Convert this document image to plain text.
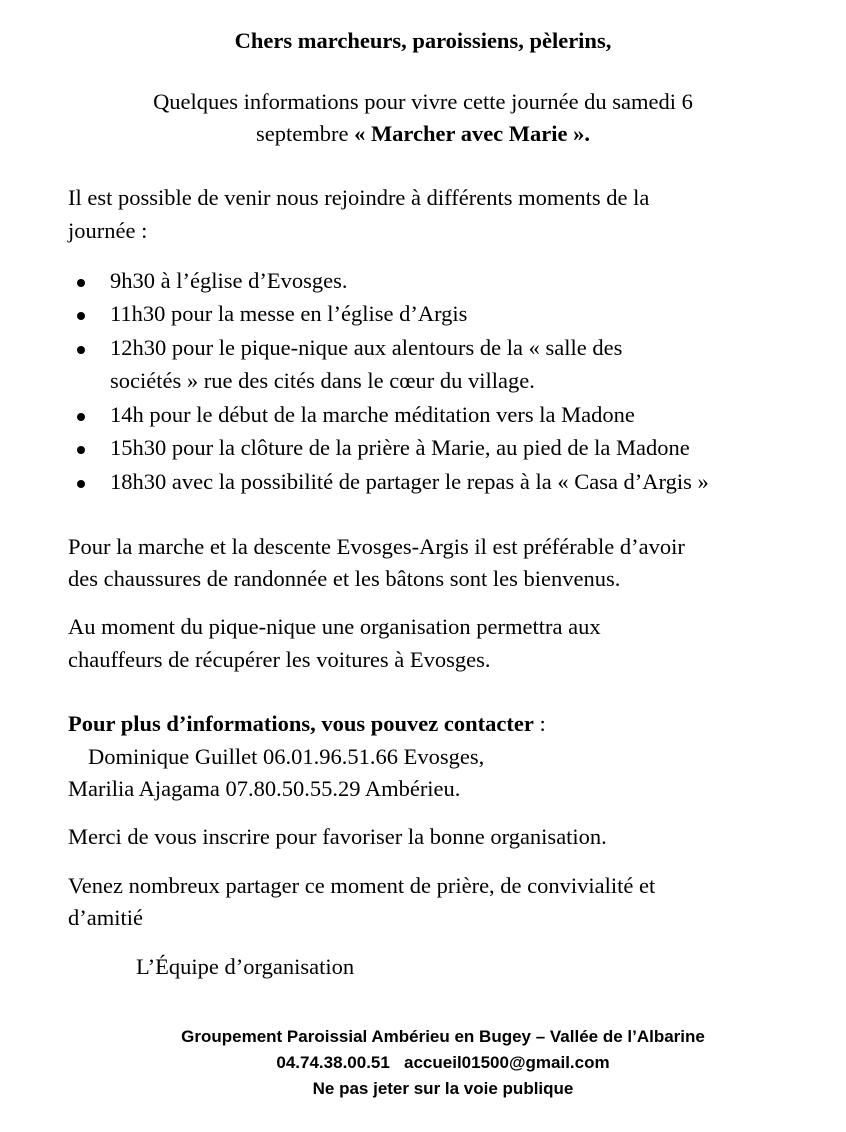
Chers marcheurs, paroissiens, pèlerins,
Quelques informations pour vivre cette journée du samedi 6
septembre « Marcher avec Marie ».
Il est possible de venir nous rejoindre à différents moments de la
journée :
9h30 à l’église d’Evosges.
11h30 pour la messe en l’église d’Argis
12h30 pour le pique-nique aux alentours de la « salle des
sociétés » rue des cités dans le cœur du village.
14h pour le début de la marche méditation vers la Madone
15h30 pour la clôture de la prière à Marie, au pied de la Madone
18h30 avec la possibilité de partager le repas à la « Casa d’Argis »
Pour la marche et la descente Evosges-Argis il est préférable d’avoir
des chaussures de randonnée et les bâtons sont les bienvenus.
Au moment du pique-nique une organisation permettra aux
chauffeurs de récupérer les voitures à Evosges.
Pour plus d’informations, vous pouvez contacter :
Dominique Guillet 06.01.96.51.66 Evosges,
Marilia Ajagama 07.80.50.55.29 Ambérieu.
Merci de vous inscrire pour favoriser la bonne organisation.
Venez nombreux partager ce moment de prière, de convivialité et
d’amitié
L’Équipe d’organisation
Groupement Paroissial Ambérieu en Bugey – Vallée de l’Albarine
04.74.38.00.51 accueil01500@gmail.com
Ne pas jeter sur la voie publique
